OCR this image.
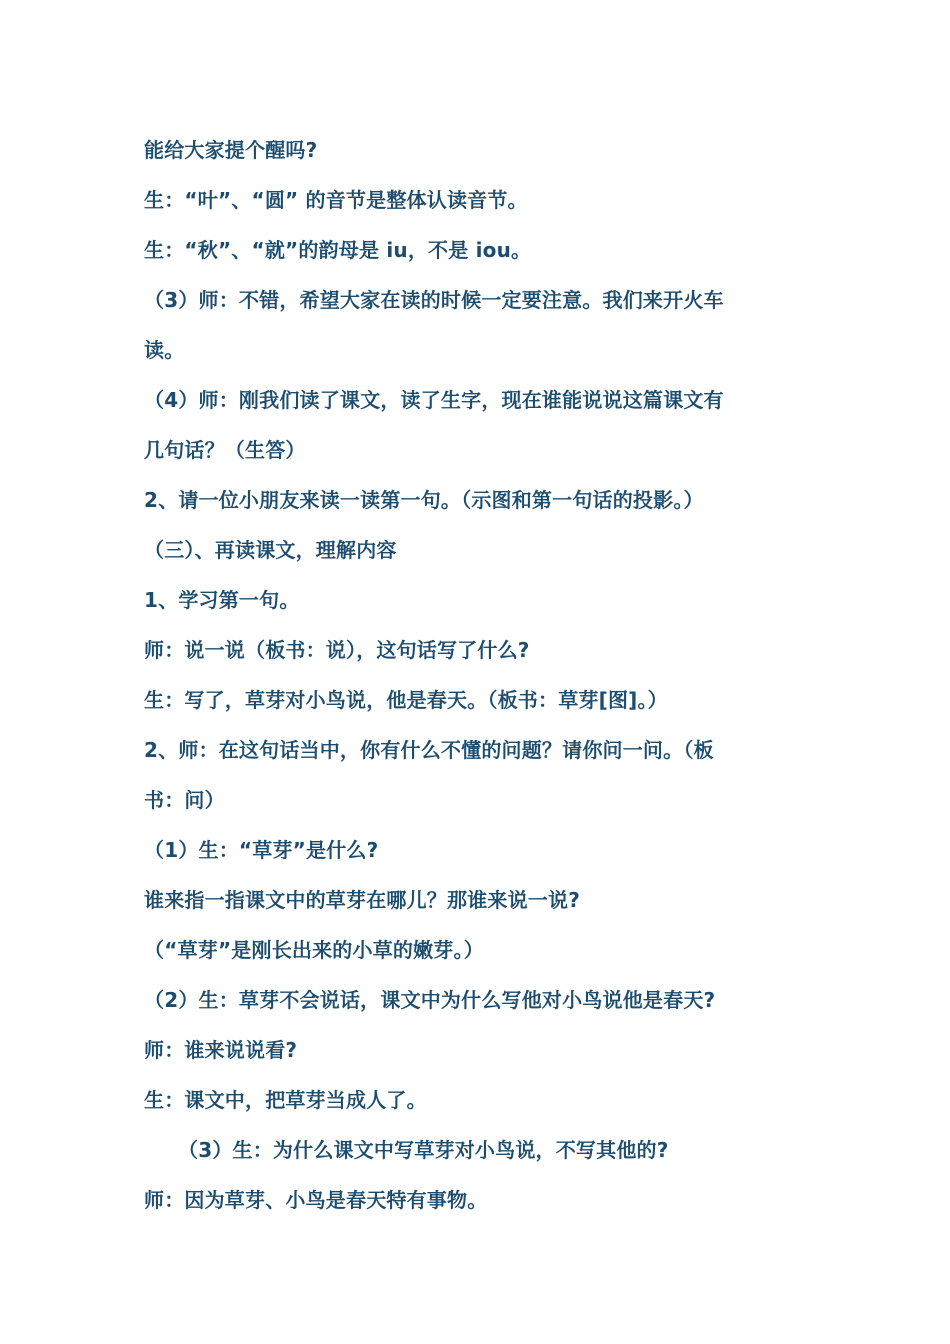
能给大家提个醒吗?
生：“叶”、“圆” 的音节是整体认读音节。
生：“秋”、“就”的韵母是 iu，不是 iou。
（3）师：不错，希望大家在读的时候一定要注意。我们来开火车
读。
（4）师：刚我们读了课文，读了生字，现在谁能说说这篇课文有
几句话？（生答）
2、请一位小朋友来读一读第一句。（示图和第一句话的投影。）
（三）、再读课文，理解内容
1、学习第一句。
师：说一说（板书：说），这句话写了什么?
生：写了，草芽对小鸟说，他是春天。（板书：草芽[图]。）
2、师：在这句话当中，你有什么不懂的问题？请你问一问。（板
书：问）
（1）生：“草芽”是什么?
谁来指一指课文中的草芽在哪儿？那谁来说一说?
（“草芽”是刚长出来的小草的嫩芽。）
（2）生：草芽不会说话，课文中为什么写他对小鸟说他是春天?
师：谁来说说看?
生：课文中，把草芽当成人了。
（3）生：为什么课文中写草芽对小鸟说，不写其他的?
师：因为草芽、小鸟是春天特有事物。
